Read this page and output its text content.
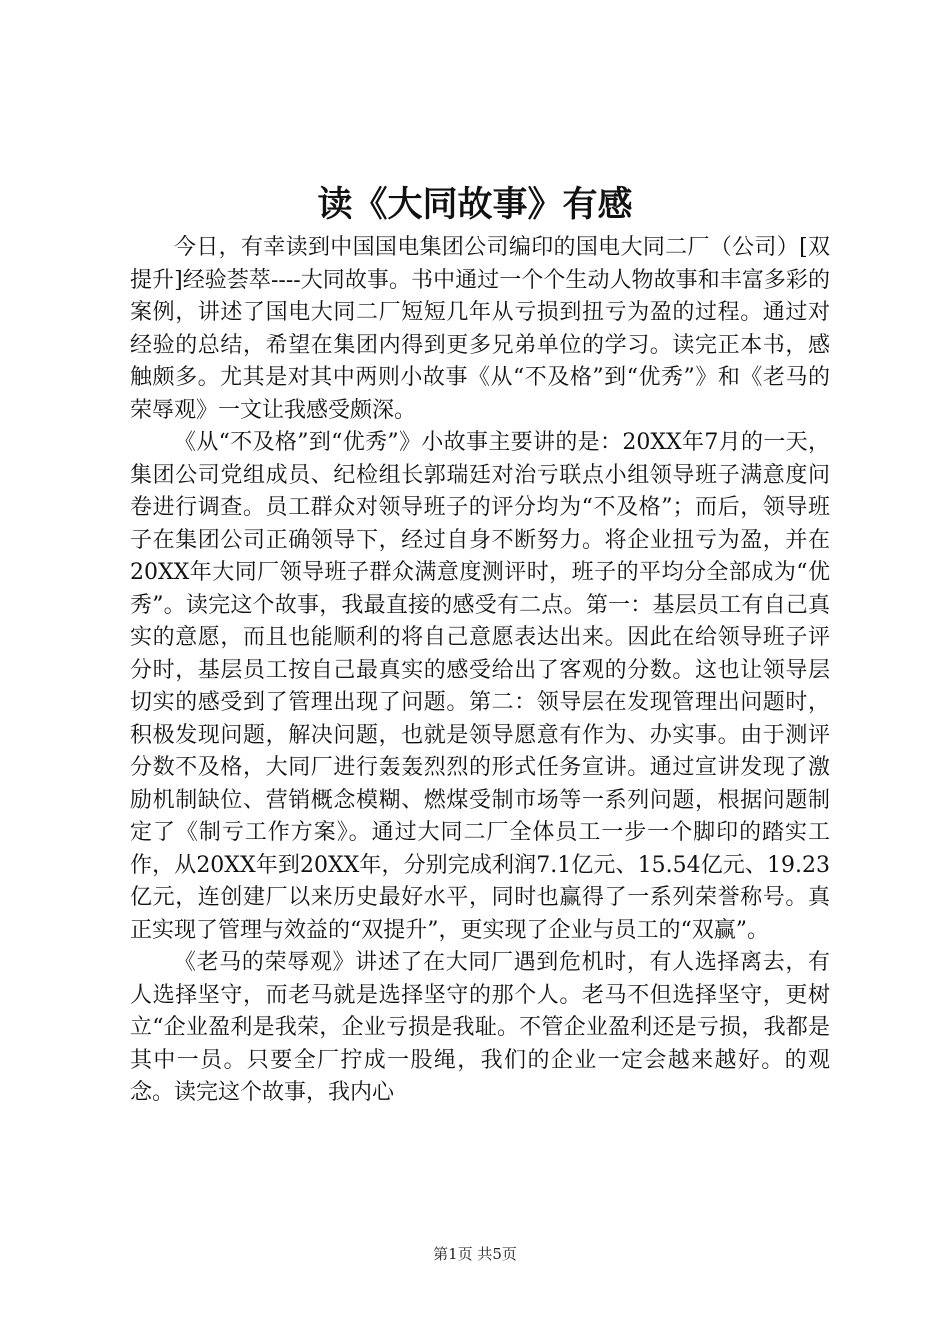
读《大同故事》有感

今日，有幸读到中国国电集团公司编印的国电大同二厂（公司）[双提升]经验荟萃----大同故事。书中通过一个个生动人物故事和丰富多彩的案例，讲述了国电大同二厂短短几年从亏损到扭亏为盈的过程。通过对经验的总结，希望在集团内得到更多兄弟单位的学习。读完正本书，感触颇多。尤其是对其中两则小故事《从“不及格”到“优秀”》和《老马的荣辱观》一文让我感受颇深。

《从“不及格”到“优秀”》小故事主要讲的是：20XX年7月的一天，集团公司党组成员、纪检组长郭瑞廷对治亏联点小组领导班子满意度问卷进行调查。员工群众对领导班子的评分均为“不及格”；而后，领导班子在集团公司正确领导下，经过自身不断努力。将企业扭亏为盈，并在20XX年大同厂领导班子群众满意度测评时，班子的平均分全部成为“优秀”。读完这个故事，我最直接的感受有二点。第一：基层员工有自己真实的意愿，而且也能顺利的将自己意愿表达出来。因此在给领导班子评分时，基层员工按自己最真实的感受给出了客观的分数。这也让领导层切实的感受到了管理出现了问题。第二：领导层在发现管理出问题时，积极发现问题，解决问题，也就是领导愿意有作为、办实事。由于测评分数不及格，大同厂进行轰轰烈烈的形式任务宣讲。通过宣讲发现了激励机制缺位、营销概念模糊、燃煤受制市场等一系列问题，根据问题制定了《制亏工作方案》。通过大同二厂全体员工一步一个脚印的踏实工作，从20XX年到20XX年，分别完成利润7.1亿元、15.54亿元、19.23亿元，连创建厂以来历史最好水平，同时也赢得了一系列荣誉称号。真正实现了管理与效益的“双提升”，更实现了企业与员工的“双赢”。

《老马的荣辱观》讲述了在大同厂遇到危机时，有人选择离去，有人选择坚守，而老马就是选择坚守的那个人。老马不但选择坚守，更树立“企业盈利是我荣，企业亏损是我耻。不管企业盈利还是亏损，我都是其中一员。只要全厂拧成一股绳，我们的企业一定会越来越好。的观念。读完这个故事，我内心

第1页 共5页
